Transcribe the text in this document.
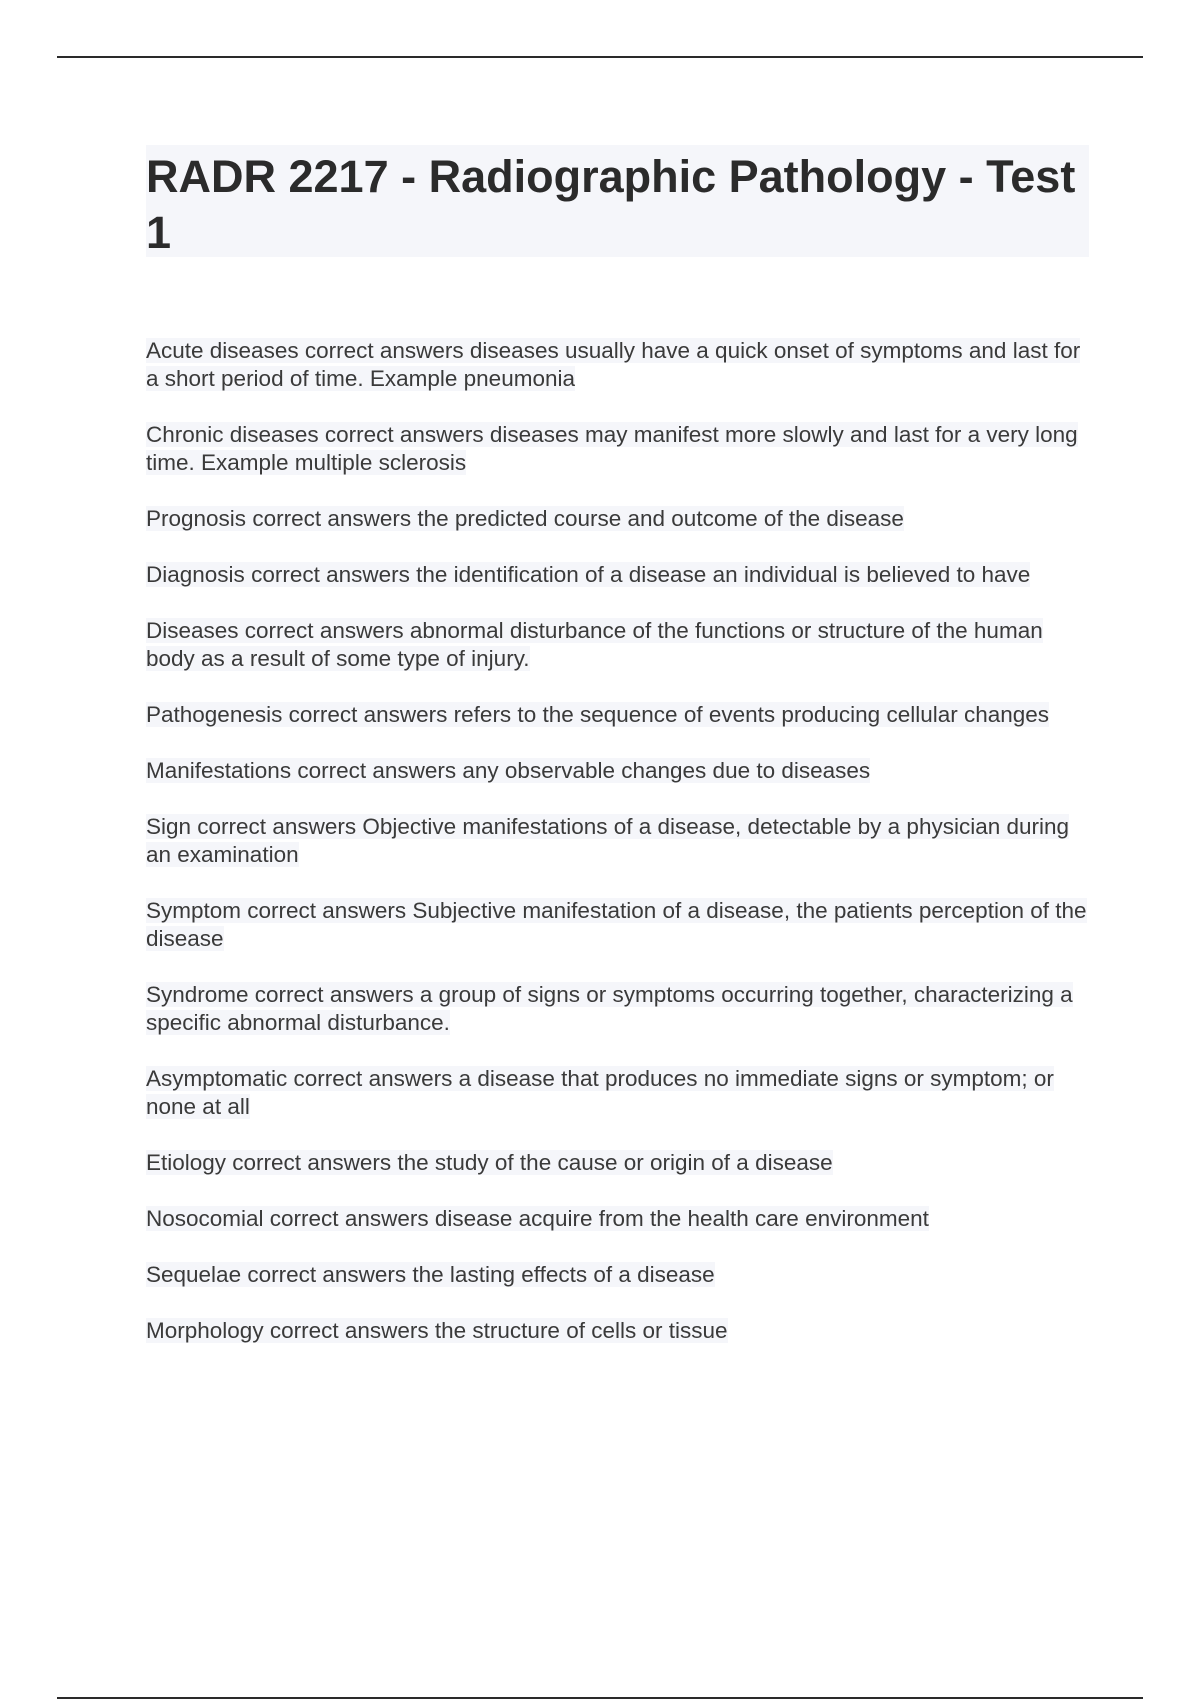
RADR 2217 - Radiographic Pathology - Test 1
Acute diseases correct answers diseases usually have a quick onset of symptoms and last for a short period of time. Example pneumonia
Chronic diseases correct answers diseases may manifest more slowly and last for a very long time. Example multiple sclerosis
Prognosis correct answers the predicted course and outcome of the disease
Diagnosis correct answers the identification of a disease an individual is believed to have
Diseases correct answers abnormal disturbance of the functions or structure of the human body as a result of some type of injury.
Pathogenesis correct answers refers to the sequence of events producing cellular changes
Manifestations correct answers any observable changes due to diseases
Sign correct answers Objective manifestations of a disease, detectable by a physician during an examination
Symptom correct answers Subjective manifestation of a disease, the patients perception of the disease
Syndrome correct answers a group of signs or symptoms occurring together, characterizing a specific abnormal disturbance.
Asymptomatic correct answers a disease that produces no immediate signs or symptom; or none at all
Etiology correct answers the study of the cause or origin of a disease
Nosocomial correct answers disease acquire from the health care environment
Sequelae correct answers the lasting effects of a disease
Morphology correct answers the structure of cells or tissue
